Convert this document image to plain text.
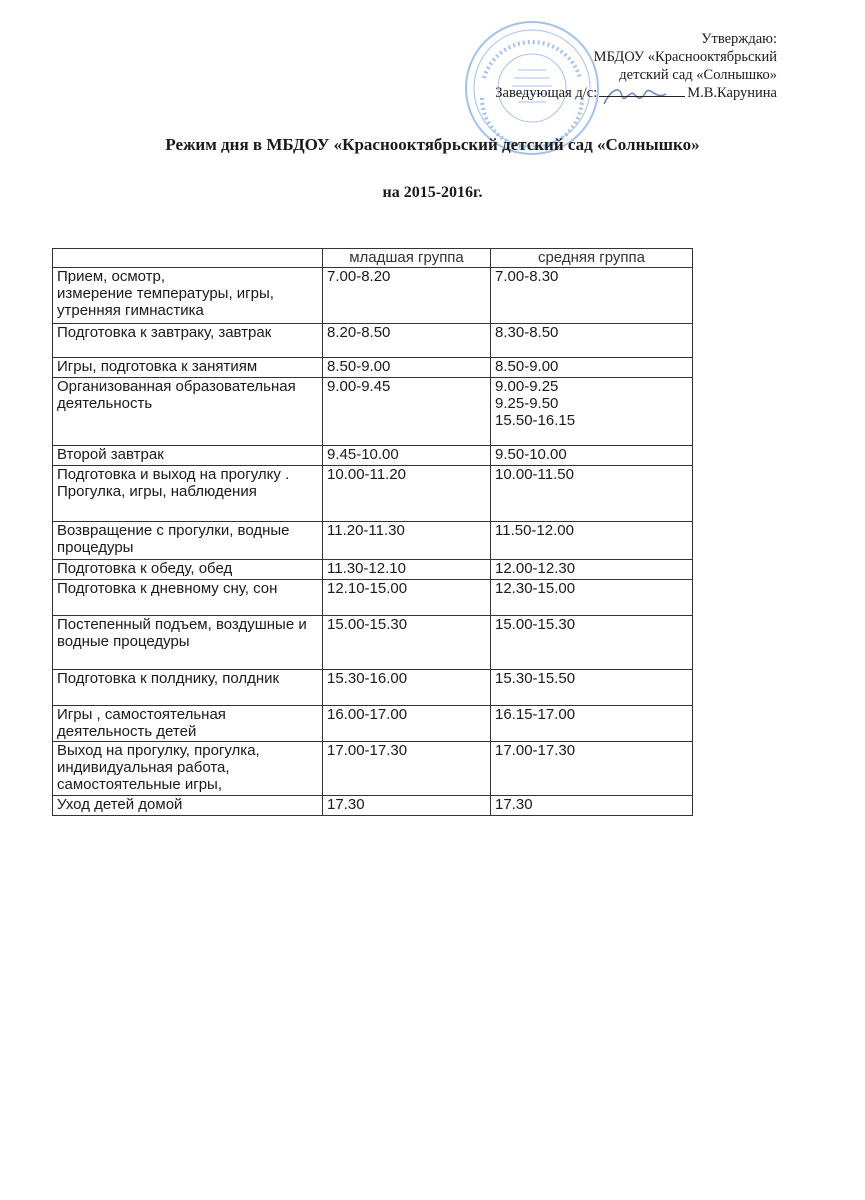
Утверждаю:
МБДОУ «Краснооктябрьский
детский сад «Солнышко»
Заведующая д/с:	М.В.Карунина
Режим дня в МБДОУ «Краснооктябрьский детский сад «Солнышко»
на 2015-2016г.
	младшая группа	средняя группа
Прием, осмотр,
измерение температуры, игры, утренняя гимнастика	7.00-8.20	7.00-8.30

Подготовка к завтраку, завтрак	8.20-8.50	8.30-8.50

Игры, подготовка к занятиям	8.50-9.00	8.50-9.00

Организованная образовательная деятельность	9.00-9.45	9.00-9.25
9.25-9.50
15.50-16.15

Второй завтрак	9.45-10.00	9.50-10.00

Подготовка и выход на прогулку .
Прогулка, игры, наблюдения	10.00-11.20	10.00-11.50

Возвращение с прогулки, водные процедуры	11.20-11.30	11.50-12.00

Подготовка к обеду, обед	11.30-12.10	12.00-12.30

Подготовка к дневному сну, сон	12.10-15.00	12.30-15.00

Постепенный подъем, воздушные и водные процедуры	15.00-15.30	15.00-15.30

Подготовка к полднику, полдник	15.30-16.00	15.30-15.50

Игры , самостоятельная деятельность детей	16.00-17.00	16.15-17.00

Выход на прогулку, прогулка, индивидуальная работа, самостоятельные игры,	17.00-17.30	17.00-17.30

Уход детей домой	17.30	17.30
